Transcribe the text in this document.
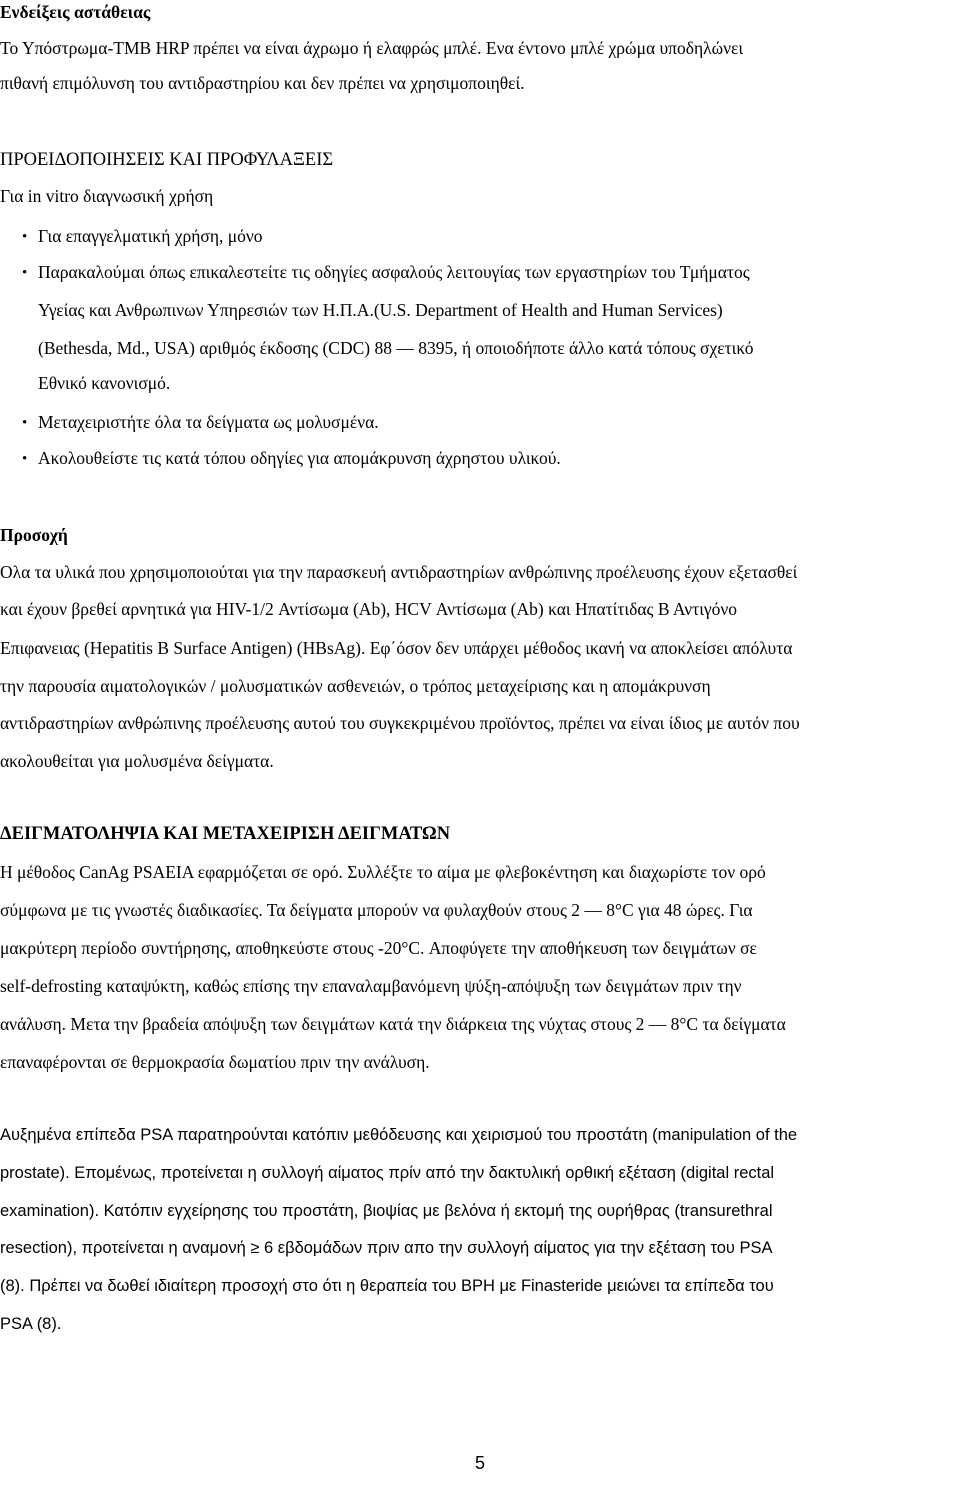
Ενδείξεις αστάθειας
Το Υπόστρωμα-TMB HRP πρέπει να είναι άχρωμο ή ελαφρώς μπλέ. Ενα έντονο μπλέ χρώμα υποδηλώνει
πιθανή επιμόλυνση του αντιδραστηρίου και δεν πρέπει να χρησιμοποιηθεί.
ΠΡΟΕΙΔΟΠΟΙΗΣΕΙΣ ΚΑΙ ΠΡΟΦΥΛΑΞΕΙΣ
Για in vitro διαγνωσική χρήση
• Για επαγγελματική χρήση, μόνο
• Παρακαλούμαι όπως επικαλεστείτε τις οδηγίες ασφαλούς λειτουγίας των εργαστηρίων του Τμήματος
Υγείας και Ανθρωπινων Υπηρεσιών των Η.Π.Α.(U.S. Department of Health and Human Services)
(Bethesda, Md., USA) αριθμός έκδοσης (CDC) 88 — 8395, ή οποιοδήποτε άλλο κατά τόπους σχετικό
Εθνικό κανονισμό.
• Μεταχειριστήτε όλα τα δείγματα ως μολυσμένα.
• Ακολουθείστε τις κατά τόπου οδηγίες για απομάκρυνση άχρηστου υλικού.
Προσοχή
Ολα τα υλικά που χρησιμοποιούται για την παρασκευή αντιδραστηρίων ανθρώπινης προέλευσης έχουν εξετασθεί
και έχουν βρεθεί αρνητικά για HIV-1/2 Αντίσωμα (Ab), HCV Αντίσωμα (Ab) και Ηπατίτιδας Β Αντιγόνο
Επιφανειας (Hepatitis B Surface Antigen) (HBsAg). Εφ΄όσον δεν υπάρχει μέθοδος ικανή να αποκλείσει απόλυτα
την παρουσία αιματολογικών / μολυσματικών ασθενειών, ο τρόπος μεταχείρισης και η απομάκρυνση
αντιδραστηρίων ανθρώπινης προέλευσης αυτού του συγκεκριμένου προϊόντος, πρέπει να είναι ίδιος με αυτόν που
ακολουθείται για μολυσμένα δείγματα.
ΔΕΙΓΜΑΤΟΛΗΨΙΑ ΚΑΙ ΜΕΤΑΧΕΙΡΙΣΗ ΔΕΙΓΜΑΤΩΝ
Η μέθοδος CanAg PSAEIA εφαρμόζεται σε ορό. Συλλέξτε το αίμα με φλεβοκέντηση και διαχωρίστε τον ορό
σύμφωνα με τις γνωστές διαδικασίες. Τα δείγματα μπορούν να φυλαχθούν στους 2 — 8°C για 48 ώρες. Για
μακρύτερη περίοδο συντήρησης, αποθηκεύστε στους -20°C. Αποφύγετε την αποθήκευση των δειγμάτων σε
self-defrosting καταψύκτη, καθώς επίσης την επαναλαμβανόμενη ψύξη-απόψυξη των δειγμάτων πριν την
ανάλυση. Μετα την βραδεία απόψυξη των δειγμάτων κατά την διάρκεια της νύχτας στους 2 — 8°C τα δείγματα
επαναφέρονται σε θερμοκρασία δωματίου πριν την ανάλυση.
Αυξημένα επίπεδα PSA παρατηρούνται κατόπιν μεθόδευσης και χειρισμού του προστάτη (manipulation of the
prostate). Επομένως, προτείνεται η συλλογή αίματος πρίν από την δακτυλική ορθική εξέταση (digital rectal
examination). Κατόπιν εγχείρησης του προστάτη, βιοψίας με βελόνα ή εκτομή της ουρήθρας (transurethral
resection), προτείνεται η αναμονή ≥ 6 εβδομάδων πριν απο την συλλογή αίματος για την εξέταση του PSA
(8). Πρέπει να δωθεί ιδιαίτερη προσοχή στο ότι η θεραπεία του BPH με Finasteride μειώνει τα επίπεδα του
PSA (8).
5
